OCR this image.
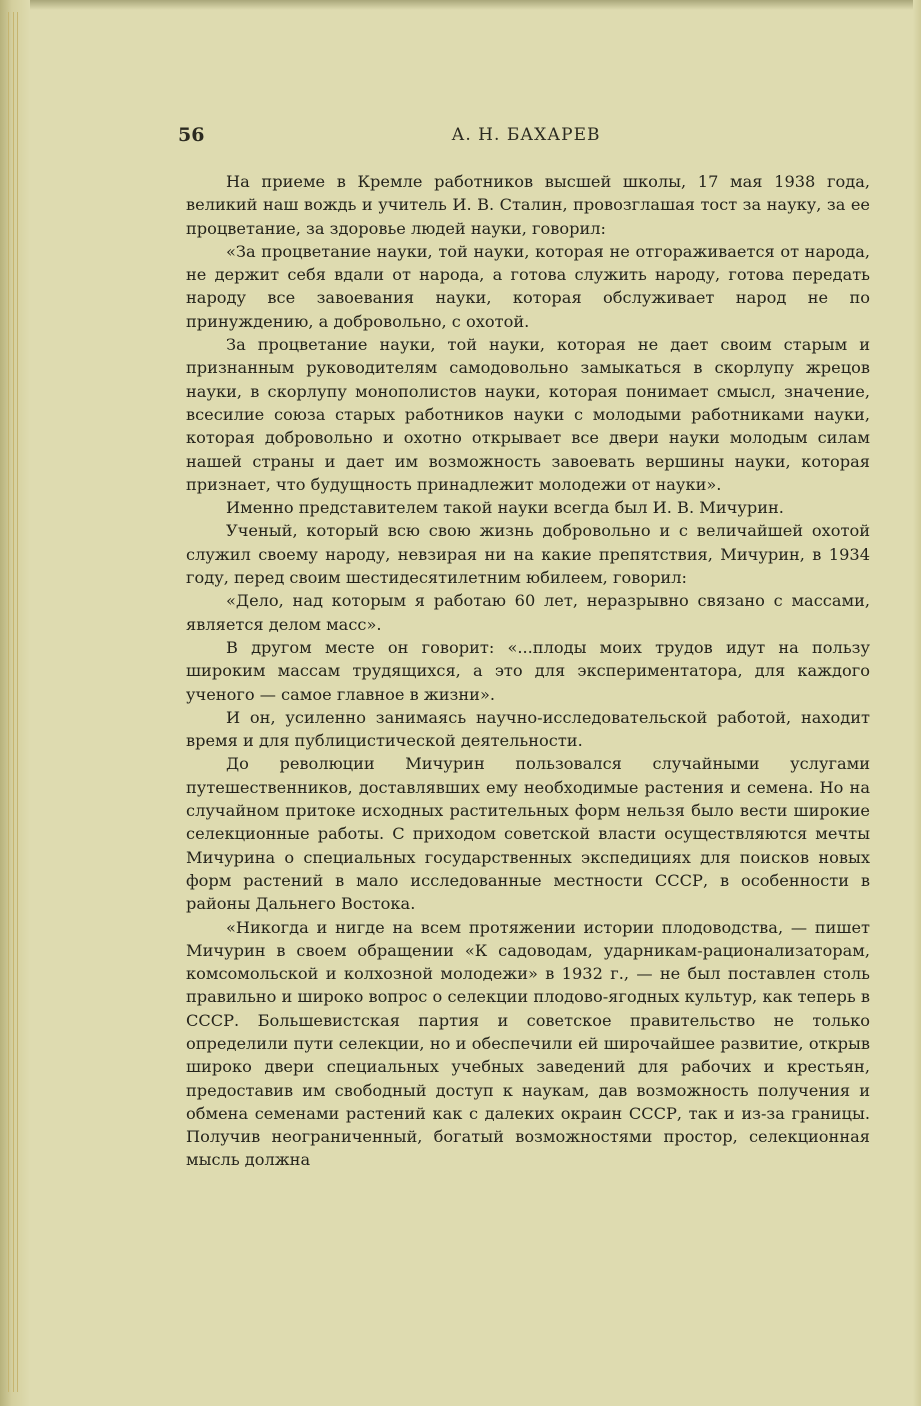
56	А. Н. БАХАРЕВ

На приеме в Кремле работников высшей школы, 17 мая 1938 года, великий наш вождь и учитель И. В. Сталин, провозглашая тост за науку, за ее процветание, за здоровье людей науки, говорил:

«За процветание науки, той науки, которая не отгораживается от народа, не держит себя вдали от народа, а готова служить народу, готова передать народу все завоевания науки, которая обслуживает народ не по принуждению, а добровольно, с охотой.

За процветание науки, той науки, которая не дает своим старым и признанным руководителям самодовольно замыкаться в скорлупу жрецов науки, в скорлупу монополистов науки, которая понимает смысл, значение, всесилие союза старых работников науки с молодыми работниками науки, которая добровольно и охотно открывает все двери науки молодым силам нашей страны и дает им возможность завоевать вершины науки, которая признает, что будущность принадлежит молодежи от науки».

Именно представителем такой науки всегда был И. В. Мичурин.

Ученый, который всю свою жизнь добровольно и с величайшей охотой служил своему народу, невзирая ни на какие препятствия, Мичурин, в 1934 году, перед своим шестидесятилетним юбилеем, говорил:

«Дело, над которым я работаю 60 лет, неразрывно связано с массами, является делом масс».

В другом месте он говорит: «...плоды моих трудов идут на пользу широким массам трудящихся, а это для экспериментатора, для каждого ученого — самое главное в жизни».

И он, усиленно занимаясь научно-исследовательской работой, находит время и для публицистической деятельности.

До революции Мичурин пользовался случайными услугами путешественников, доставлявших ему необходимые растения и семена. Но на случайном притоке исходных растительных форм нельзя было вести широкие селекционные работы. С приходом советской власти осуществляются мечты Мичурина о специальных государственных экспедициях для поисков новых форм растений в мало исследованные местности СССР, в особенности в районы Дальнего Востока.

«Никогда и нигде на всем протяжении истории плодоводства, — пишет Мичурин в своем обращении «К садоводам, ударникам-рационализаторам, комсомольской и колхозной молодежи» в 1932 г., — не был поставлен столь правильно и широко вопрос о селекции плодово-ягодных культур, как теперь в СССР. Большевистская партия и советское правительство не только определили пути селекции, но и обеспечили ей широчайшее развитие, открыв широко двери специальных учебных заведений для рабочих и крестьян, предоставив им свободный доступ к наукам, дав возможность получения и обмена семенами растений как с далеких окраин СССР, так и из-за границы. Получив неограниченный, богатый возможностями простор, селекционная мысль должна
